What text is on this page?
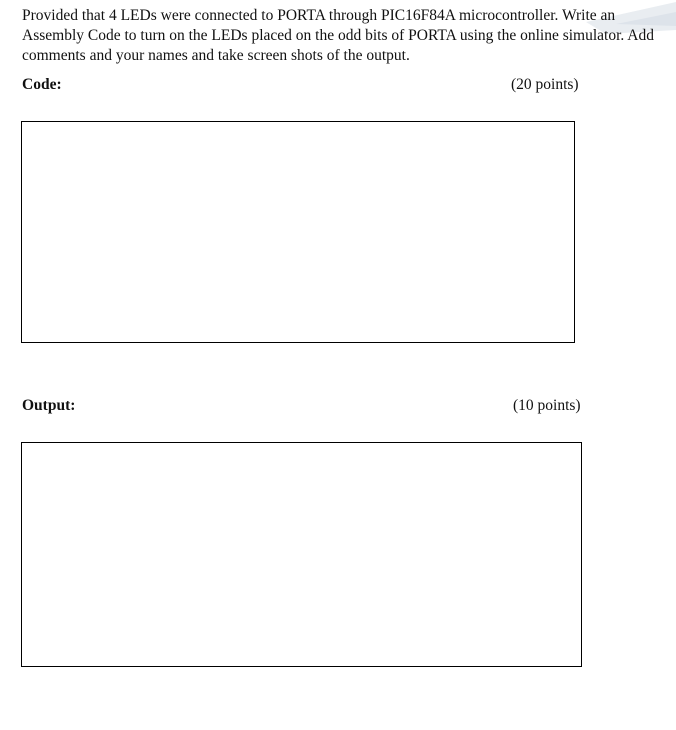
Provided that 4 LEDs were connected to PORTA through PIC16F84A microcontroller. Write an Assembly Code to turn on the LEDs placed on the odd bits of PORTA using the online simulator. Add comments and your names and take screen shots of the output.

Code:	(20 points)

Output:	(10 points)
